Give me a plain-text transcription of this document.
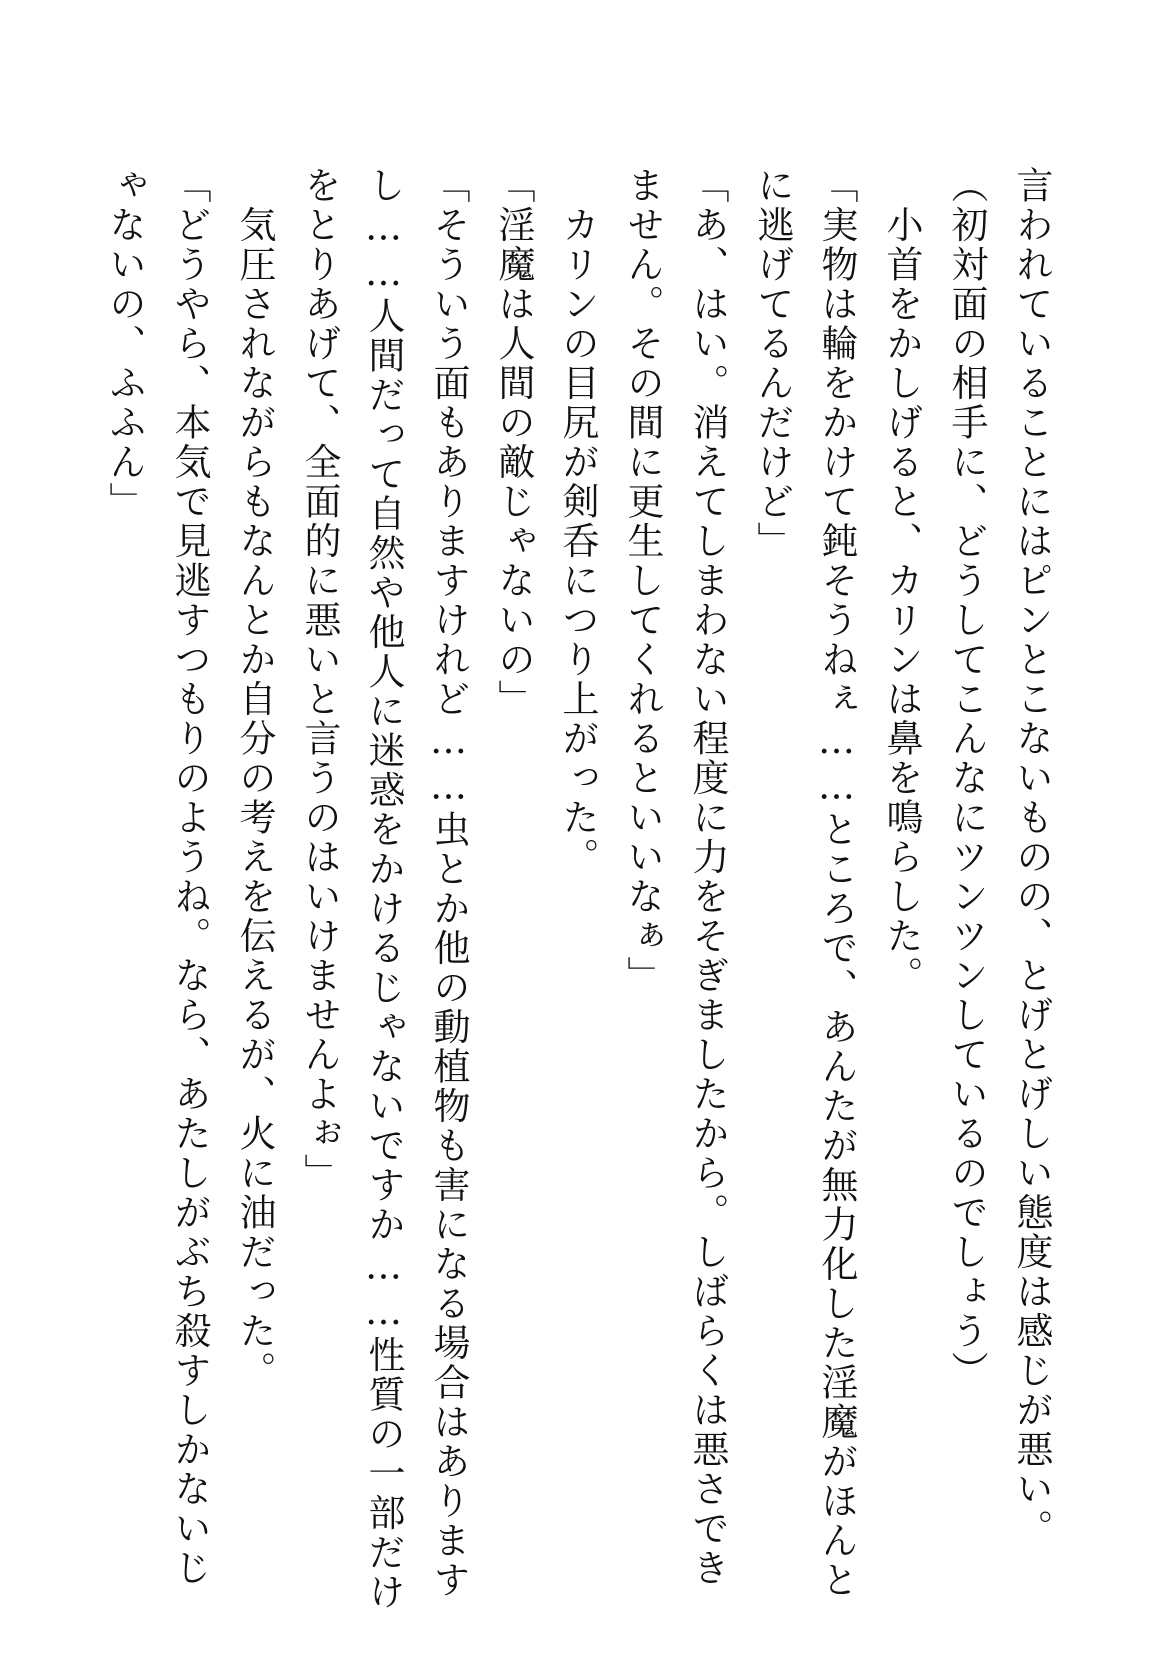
言われていることにはピンとこないものの、とげとげしい態度は感じが悪い。
（初対面の相手に、どうしてこんなにツンツンしているのでしょう）
　小首をかしげると、カリンは鼻を鳴らした。
「実物は輪をかけて鈍そうねぇ……ところで、あんたが無力化した淫魔がほんと
に逃げてるんだけど」
「あ、はい。消えてしまわない程度に力をそぎましたから。しばらくは悪さでき
ません。その間に更生してくれるといいなぁ」
　カリンの目尻が剣呑につり上がった。
「淫魔は人間の敵じゃないの」
「そういう面もありますけれど……虫とか他の動植物も害になる場合はあります
し……人間だって自然や他人に迷惑をかけるじゃないですか……性質の一部だけ
をとりあげて、全面的に悪いと言うのはいけませんよぉ」
　気圧されながらもなんとか自分の考えを伝えるが、火に油だった。
「どうやら、本気で見逃すつもりのようね。なら、あたしがぶち殺すしかないじ
ゃないの、ふふん」
